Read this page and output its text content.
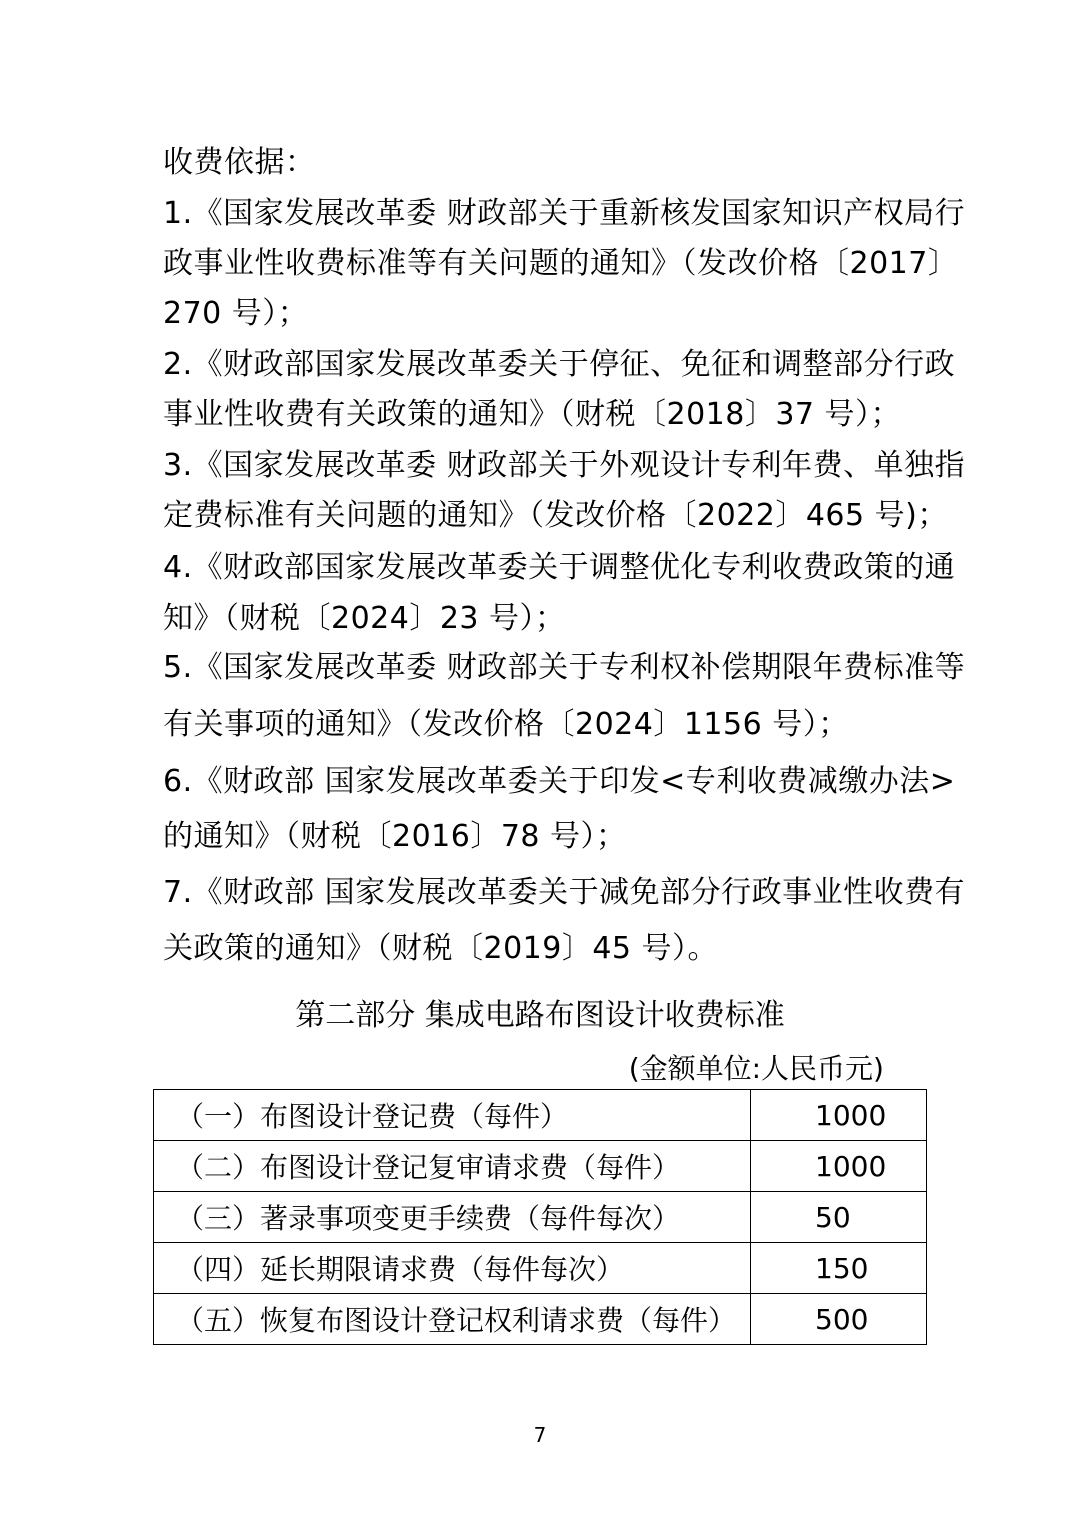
收费依据：
1.《国家发展改革委 财政部关于重新核发国家知识产权局行
政事业性收费标准等有关问题的通知》（发改价格〔2017〕
270 号）；
2.《财政部国家发展改革委关于停征、免征和调整部分行政
事业性收费有关政策的通知》（财税〔2018〕37 号）；
3.《国家发展改革委 财政部关于外观设计专利年费、单独指
定费标准有关问题的通知》（发改价格〔2022〕465 号)；
4.《财政部国家发展改革委关于调整优化专利收费政策的通
知》（财税〔2024〕23 号）；
5.《国家发展改革委 财政部关于专利权补偿期限年费标准等
有关事项的通知》（发改价格〔2024〕1156 号）；
6.《财政部 国家发展改革委关于印发<专利收费减缴办法>
的通知》（财税〔2016〕78 号）；
7.《财政部 国家发展改革委关于减免部分行政事业性收费有
关政策的通知》（财税〔2019〕45 号）。
第二部分 集成电路布图设计收费标准
(金额单位:人民币元)
（一）布图设计登记费（每件）	1000
（二）布图设计登记复审请求费（每件）	1000
（三）著录事项变更手续费（每件每次）	50
（四）延长期限请求费（每件每次）	150
（五）恢复布图设计登记权利请求费（每件）	500
7
